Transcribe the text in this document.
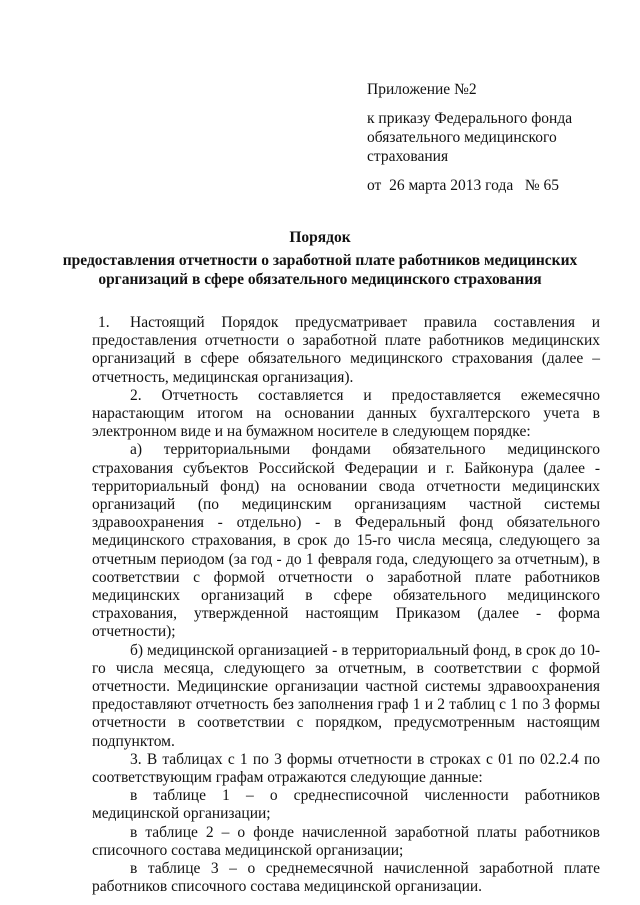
Приложение №2
к приказу Федерального фонда
обязательного медицинского
страхования
от  26 марта 2013 года   № 65
Порядок
предоставления отчетности о заработной плате работников медицинских
организаций в сфере обязательного медицинского страхования

1. Настоящий Порядок предусматривает правила составления и предоставления отчетности о заработной плате работников медицинских организаций в сфере обязательного медицинского страхования (далее – отчетность, медицинская организация).

2. Отчетность составляется и предоставляется ежемесячно нарастающим итогом на основании данных бухгалтерского учета в электронном виде и на бумажном носителе в следующем порядке:

а) территориальными фондами обязательного медицинского страхования субъектов Российской Федерации и г. Байконура (далее - территориальный фонд) на основании свода отчетности медицинских организаций (по медицинским организациям частной системы здравоохранения - отдельно) - в Федеральный фонд обязательного медицинского страхования, в срок до 15-го числа месяца, следующего за отчетным периодом (за год - до 1 февраля года, следующего за отчетным), в соответствии с формой отчетности о заработной плате работников медицинских организаций в сфере обязательного медицинского страхования, утвержденной настоящим Приказом (далее - форма отчетности);

б) медицинской организацией - в территориальный фонд, в срок до 10-го числа месяца, следующего за отчетным, в соответствии с формой отчетности. Медицинские организации частной системы здравоохранения предоставляют отчетность без заполнения граф 1 и 2 таблиц с 1 по 3 формы отчетности в соответствии с порядком, предусмотренным настоящим подпунктом.

3. В таблицах с 1 по 3 формы отчетности в строках с 01 по 02.2.4 по соответствующим графам отражаются следующие данные:

в таблице 1 – о среднесписочной численности работников медицинской организации;

в таблице 2 – о фонде начисленной заработной платы работников списочного состава медицинской организации;

в таблице 3 – о среднемесячной начисленной заработной плате работников списочного состава медицинской организации.
